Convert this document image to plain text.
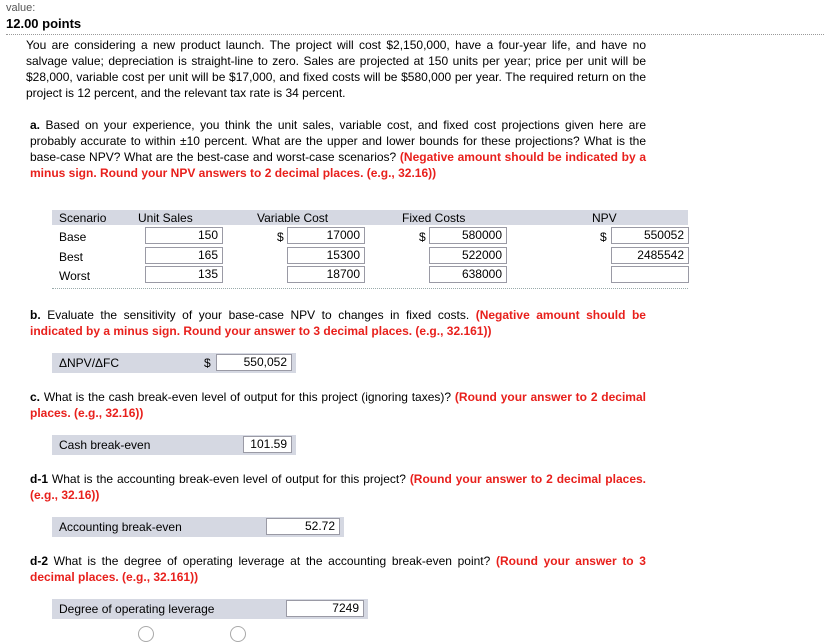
value:
12.00 points
You are considering a new product launch. The project will cost $2,150,000, have a four-year life, and have no salvage value; depreciation is straight-line to zero. Sales are projected at 150 units per year; price per unit will be $28,000, variable cost per unit will be $17,000, and fixed costs will be $580,000 per year. The required return on the project is 12 percent, and the relevant tax rate is 34 percent.
a. Based on your experience, you think the unit sales, variable cost, and fixed cost projections given here are probably accurate to within ±10 percent. What are the upper and lower bounds for these projections? What is the base-case NPV? What are the best-case and worst-case scenarios? (Negative amount should be indicated by a minus sign. Round your NPV answers to 2 decimal places. (e.g., 32.16))
Scenario	Unit Sales	Variable Cost	Fixed Costs	NPV
Base	150	$	17000	$	580000	$	550052
Best	165	15300	522000	2485542
Worst	135	18700	638000
b. Evaluate the sensitivity of your base-case NPV to changes in fixed costs. (Negative amount should be indicated by a minus sign. Round your answer to 3 decimal places. (e.g., 32.161))
ΔNPV/ΔFC	$	550,052
c. What is the cash break-even level of output for this project (ignoring taxes)? (Round your answer to 2 decimal places. (e.g., 32.16))
Cash break-even	101.59
d-1 What is the accounting break-even level of output for this project? (Round your answer to 2 decimal places. (e.g., 32.16))
Accounting break-even	52.72
d-2 What is the degree of operating leverage at the accounting break-even point? (Round your answer to 3 decimal places. (e.g., 32.161))
Degree of operating leverage	7249
